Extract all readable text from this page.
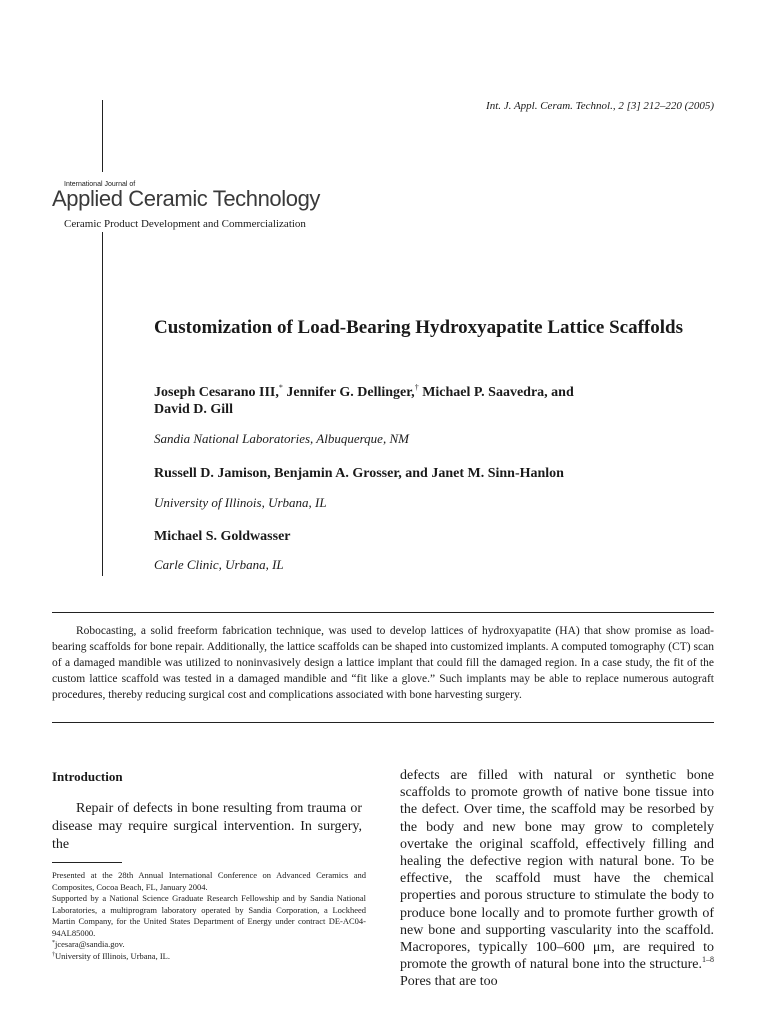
Int. J. Appl. Ceram. Technol., 2 [3] 212–220 (2005)
International Journal of
Applied Ceramic Technology
Ceramic Product Development and Commercialization
Customization of Load-Bearing Hydroxyapatite Lattice Scaffolds
Joseph Cesarano III,* Jennifer G. Dellinger,† Michael P. Saavedra, and
David D. Gill
Sandia National Laboratories, Albuquerque, NM
Russell D. Jamison, Benjamin A. Grosser, and Janet M. Sinn-Hanlon
University of Illinois, Urbana, IL
Michael S. Goldwasser
Carle Clinic, Urbana, IL

Robocasting, a solid freeform fabrication technique, was used to develop lattices of hydroxyapatite (HA) that show promise as load-bearing scaffolds for bone repair. Additionally, the lattice scaffolds can be shaped into customized implants. A computed tomography (CT) scan of a damaged mandible was utilized to noninvasively design a lattice implant that could fill the damaged region. In a case study, the fit of the custom lattice scaffold was tested in a damaged mandible and “fit like a glove.” Such implants may be able to replace numerous autograft procedures, thereby reducing surgical cost and complications associated with bone harvesting surgery.

Introduction

Repair of defects in bone resulting from trauma or disease may require surgical intervention. In surgery, the

Presented at the 28th Annual International Conference on Advanced Ceramics and Composites, Cocoa Beach, FL, January 2004.

Supported by a National Science Graduate Research Fellowship and by Sandia National Laboratories, a multiprogram laboratory operated by Sandia Corporation, a Lockheed Martin Company, for the United States Department of Energy under contract DE-AC04-94AL85000.

*jcesara@sandia.gov.

†University of Illinois, Urbana, IL.

defects are filled with natural or synthetic bone scaffolds to promote growth of native bone tissue into the defect. Over time, the scaffold may be resorbed by the body and new bone may grow to completely overtake the original scaffold, effectively filling and healing the defective region with natural bone. To be effective, the scaffold must have the chemical properties and porous structure to stimulate the body to produce bone locally and to promote further growth of new bone and supporting vascularity into the scaffold. Macropores, typically 100–600 μm, are required to promote the growth of natural bone into the structure.$^{1-8}$ Pores that are too
